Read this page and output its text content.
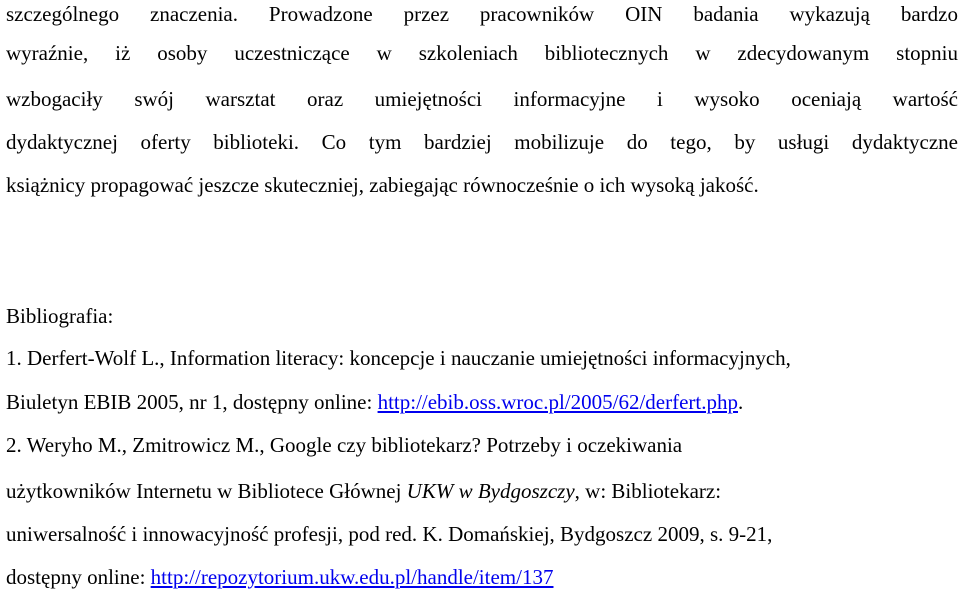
szczególnego znaczenia. Prowadzone przez pracowników OIN badania wykazują bardzo

wyraźnie, iż osoby uczestniczące w szkoleniach bibliotecznych w zdecydowanym stopniu

wzbogaciły swój warsztat oraz umiejętności informacyjne i wysoko oceniają wartość

dydaktycznej oferty biblioteki. Co tym bardziej mobilizuje do tego, by usługi dydaktyczne

książnicy propagować jeszcze skuteczniej, zabiegając równocześnie o ich wysoką jakość.

Bibliografia:

1. Derfert-Wolf L., Information literacy: koncepcje i nauczanie umiejętności informacyjnych,

Biuletyn EBIB 2005, nr 1, dostępny online: http://ebib.oss.wroc.pl/2005/62/derfert.php.

2. Weryho M., Zmitrowicz M., Google czy bibliotekarz? Potrzeby i oczekiwania

użytkowników Internetu w Bibliotece Głównej UKW w Bydgoszczy, w: Bibliotekarz:

uniwersalność i innowacyjność profesji, pod red. K. Domańskiej, Bydgoszcz 2009, s. 9-21,

dostępny online: http://repozytorium.ukw.edu.pl/handle/item/137
